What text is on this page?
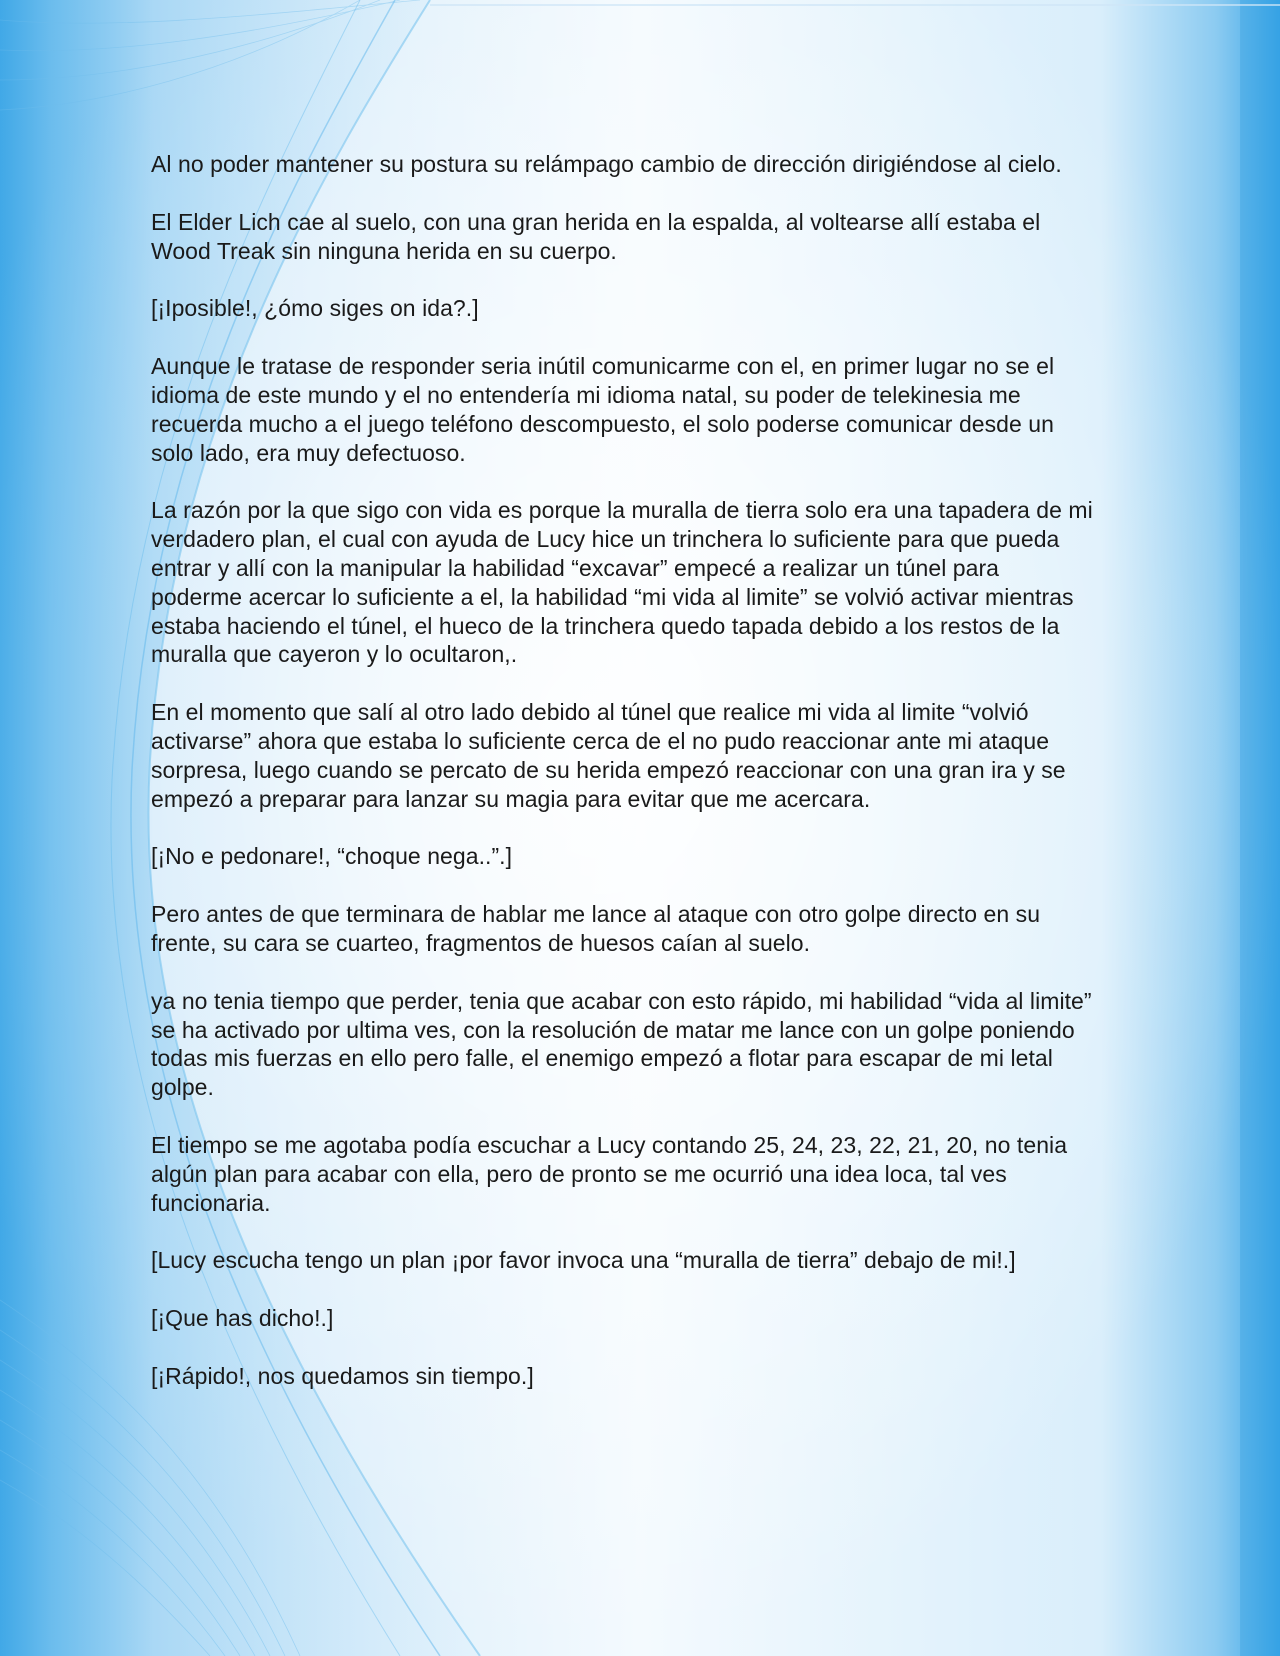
Al no poder mantener su postura su relámpago cambio de dirección dirigiéndose al cielo.

El Elder Lich cae al suelo, con una gran herida en la espalda, al voltearse allí estaba el Wood Treak sin ninguna herida en su cuerpo.

[¡Iposible!, ¿ómo siges on ida?.]

Aunque le tratase de responder seria inútil comunicarme con el, en primer lugar no se el idioma de este mundo y el no entendería mi idioma natal, su poder de telekinesia me recuerda mucho a el juego teléfono descompuesto, el solo poderse comunicar desde un solo lado, era muy defectuoso.

La razón por la que sigo con vida es porque la muralla de tierra solo era una tapadera de mi verdadero plan, el cual con ayuda de Lucy hice un trinchera lo suficiente para que pueda entrar y allí con la manipular la habilidad “excavar” empecé a realizar un túnel para poderme acercar lo suficiente a el, la habilidad “mi vida al limite” se volvió activar mientras estaba haciendo el túnel, el hueco de la trinchera quedo tapada debido a los restos de la muralla que cayeron y lo ocultaron,.

En el momento que salí al otro lado debido al túnel que realice mi vida al limite “volvió activarse” ahora que estaba lo suficiente cerca de el no pudo reaccionar ante mi ataque sorpresa, luego cuando se percato de su herida empezó reaccionar con una gran ira y se empezó a preparar para lanzar su magia para evitar que me acercara.

[¡No e pedonare!, “choque nega..”.]

Pero antes de que terminara de hablar me lance al ataque con otro golpe directo en su frente, su cara se cuarteo, fragmentos de huesos caían al suelo.

ya no tenia tiempo que perder, tenia que acabar con esto rápido, mi habilidad “vida al limite” se ha activado por ultima ves, con la resolución de matar me lance con un golpe poniendo todas mis fuerzas en ello pero falle, el enemigo empezó a flotar para escapar de mi letal golpe.

El tiempo se me agotaba podía escuchar a Lucy contando 25, 24, 23, 22, 21, 20, no tenia algún plan para acabar con ella, pero de pronto se me ocurrió una idea loca, tal ves funcionaria.

[Lucy escucha tengo un plan ¡por favor invoca una “muralla de tierra” debajo de mi!.]

[¡Que has dicho!.]

[¡Rápido!, nos quedamos sin tiempo.]
